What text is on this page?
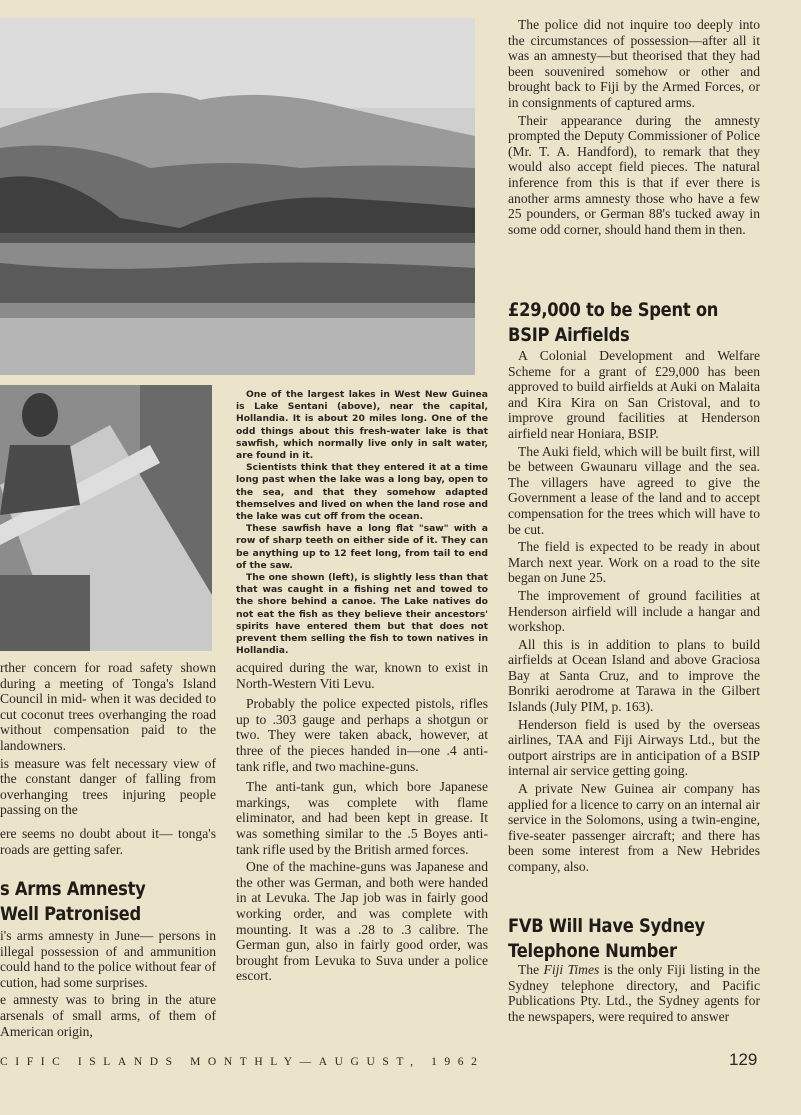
One of the largest lakes in West New Guinea is Lake Sentani (above), near the capital, Hollandia. It is about 20 miles long. One of the odd things about this fresh-water lake is that sawfish, which normally live only in salt water, are found in it.

Scientists think that they entered it at a time long past when the lake was a long bay, open to the sea, and that they somehow adapted themselves and lived on when the land rose and the lake was cut off from the ocean.

These sawfish have a long flat "saw" with a row of sharp teeth on either side of it. They can be anything up to 12 feet long, from tail to end of the saw.

The one shown (left), is slightly less than that that was caught in a fishing net and towed to the shore behind a canoe. The Lake natives do not eat the fish as they believe their ancestors' spirits have entered them but that does not prevent them selling the fish to town natives in Hollandia.

rther concern for road safety shown during a meeting of Tonga's Island Council in mid- when it was decided to cut coconut trees overhanging the road without compensation paid to the landowners.

is measure was felt necessary view of the constant danger of falling from overhanging trees injuring people passing on the

ere seems no doubt about it— tonga's roads are getting safer.

s Arms Amnesty
Well Patronised

i's arms amnesty in June— persons in illegal possession of and ammunition could hand to the police without fear of cution, had some surprises.

e amnesty was to bring in the ature arsenals of small arms, of them of American origin,

acquired during the war, known to exist in North-Western Viti Levu.

Probably the police expected pistols, rifles up to .303 gauge and perhaps a shotgun or two. They were taken aback, however, at three of the pieces handed in—one .4 anti-tank rifle, and two machine-guns.

The anti-tank gun, which bore Japanese markings, was complete with flame eliminator, and had been kept in grease. It was something similar to the .5 Boyes anti-tank rifle used by the British armed forces.

One of the machine-guns was Japanese and the other was German, and both were handed in at Levuka. The Jap job was in fairly good working order, and was complete with mounting. It was a .28 to .3 calibre. The German gun, also in fairly good order, was brought from Levuka to Suva under a police escort.

The police did not inquire too deeply into the circumstances of possession—after all it was an amnesty—but theorised that they had been souvenired somehow or other and brought back to Fiji by the Armed Forces, or in consignments of captured arms.

Their appearance during the amnesty prompted the Deputy Commissioner of Police (Mr. T. A. Handford), to remark that they would also accept field pieces. The natural inference from this is that if ever there is another arms amnesty those who have a few 25 pounders, or German 88's tucked away in some odd corner, should hand them in then.

£29,000 to be Spent on
BSIP Airfields

A Colonial Development and Welfare Scheme for a grant of £29,000 has been approved to build airfields at Auki on Malaita and Kira Kira on San Cristoval, and to improve ground facilities at Henderson airfield near Honiara, BSIP.

The Auki field, which will be built first, will be between Gwaunaru village and the sea. The villagers have agreed to give the Government a lease of the land and to accept compensation for the trees which will have to be cut.

The field is expected to be ready in about March next year. Work on a road to the site began on June 25.

The improvement of ground facilities at Henderson airfield will include a hangar and workshop.

All this is in addition to plans to build airfields at Ocean Island and above Graciosa Bay at Santa Cruz, and to improve the Bonriki aerodrome at Tarawa in the Gilbert Islands (July PIM, p. 163).

Henderson field is used by the overseas airlines, TAA and Fiji Airways Ltd., but the outport airstrips are in anticipation of a BSIP internal air service getting going.

A private New Guinea air company has applied for a licence to carry on an internal air service in the Solomons, using a twin-engine, five-seater passenger aircraft; and there has been some interest from a New Hebrides company, also.

FVB Will Have Sydney
Telephone Number

The Fiji Times is the only Fiji listing in the Sydney telephone directory, and Pacific Publications Pty. Ltd., the Sydney agents for the newspapers, were required to answer

CIFIC ISLANDS MONTHLY—AUGUST, 1962	129
